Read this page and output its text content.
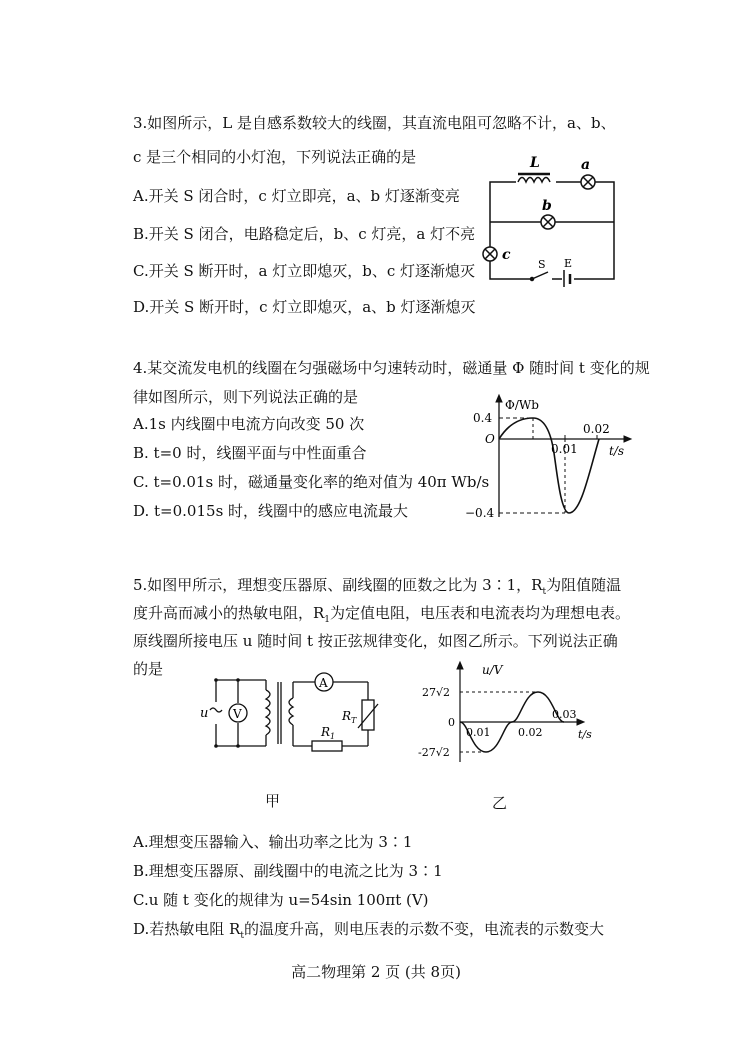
3.如图所示，L 是自感系数较大的线圈，其直流电阻可忽略不计，a、b、
c 是三个相同的小灯泡，下列说法正确的是
A.开关 S 闭合时，c 灯立即亮，a、b 灯逐渐变亮
B.开关 S 闭合，电路稳定后，b、c 灯亮，a 灯不亮
C.开关 S 断开时，a 灯立即熄灭，b、c 灯逐渐熄灭
D.开关 S 断开时，c 灯立即熄灭，a、b 灯逐渐熄灭
L	a
b
c
S E
4.某交流发电机的线圈在匀强磁场中匀速转动时，磁通量 Φ 随时间 t 变化的规
律如图所示，则下列说法正确的是
A.1s 内线圈中电流方向改变 50 次
B. t=0 时，线圈平面与中性面重合
C. t=0.01s 时，磁通量变化率的绝对值为 40π Wb/s
D. t=0.015s 时，线圈中的感应电流最大
Φ/Wb
0.4
O
0.01
0.02
t/s
−0.4
5.如图甲所示，理想变压器原、副线圈的匝数之比为 3∶1，$R_t$为阻值随温
度升高而减小的热敏电阻，$R_1$为定值电阻，电压表和电流表均为理想电表。
原线圈所接电压 u 随时间 t 按正弦规律变化，如图乙所示。下列说法正确
的是
u V
A
$R_T$
$R_1$
甲
u/V
27√2
0
0.01	0.02
0.03
t/s
-27√2
乙
A.理想变压器输入、输出功率之比为 3∶1
B.理想变压器原、副线圈中的电流之比为 3∶1
C.u 随 t 变化的规律为 u=54sin 100πt (V)
D.若热敏电阻 $R_t$的温度升高，则电压表的示数不变，电流表的示数变大
高二物理第 2 页 (共 8页)
